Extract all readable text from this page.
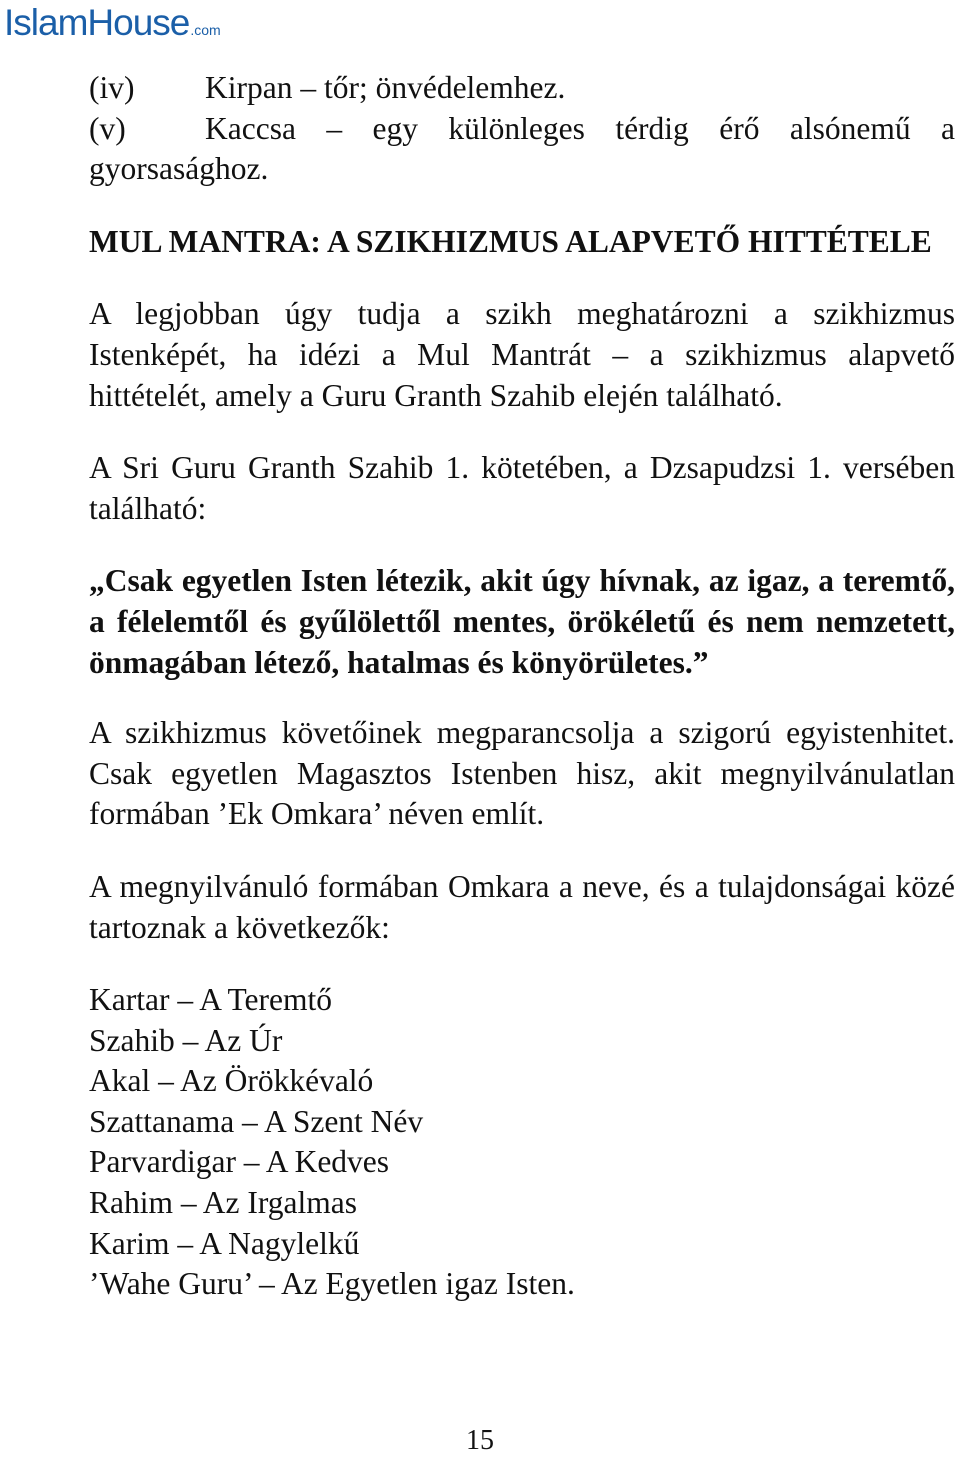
IslamHouse.com
(iv)	Kirpan – tőr; önvédelemhez.
(v)	Kaccsa – egy különleges térdig érő alsónemű a
gyorsasághoz.

MUL MANTRA: A SZIKHIZMUS ALAPVETŐ HITTÉTELE

A legjobban úgy tudja a szikh meghatározni a szikhizmus Istenképét, ha idézi a Mul Mantrát – a szikhizmus alapvető hittételét, amely a Guru Granth Szahib elején található.

A Sri Guru Granth Szahib 1. kötetében, a Dzsapudzsi 1. versében található:

„Csak egyetlen Isten létezik, akit úgy hívnak, az igaz, a teremtő, a félelemtől és gyűlölettől mentes, örökéletű és nem nemzetett, önmagában létező, hatalmas és könyörületes.”

A szikhizmus követőinek megparancsolja a szigorú egyistenhitet. Csak egyetlen Magasztos Istenben hisz, akit megnyilvánulatlan formában ’Ek Omkara’ néven említ.

A megnyilvánuló formában Omkara a neve, és a tulajdonságai közé tartoznak a következők:

Kartar – A Teremtő
Szahib – Az Úr
Akal – Az Örökkévaló
Szattanama – A Szent Név
Parvardigar – A Kedves
Rahim – Az Irgalmas
Karim – A Nagylelkű
’Wahe Guru’ – Az Egyetlen igaz Isten.
15
